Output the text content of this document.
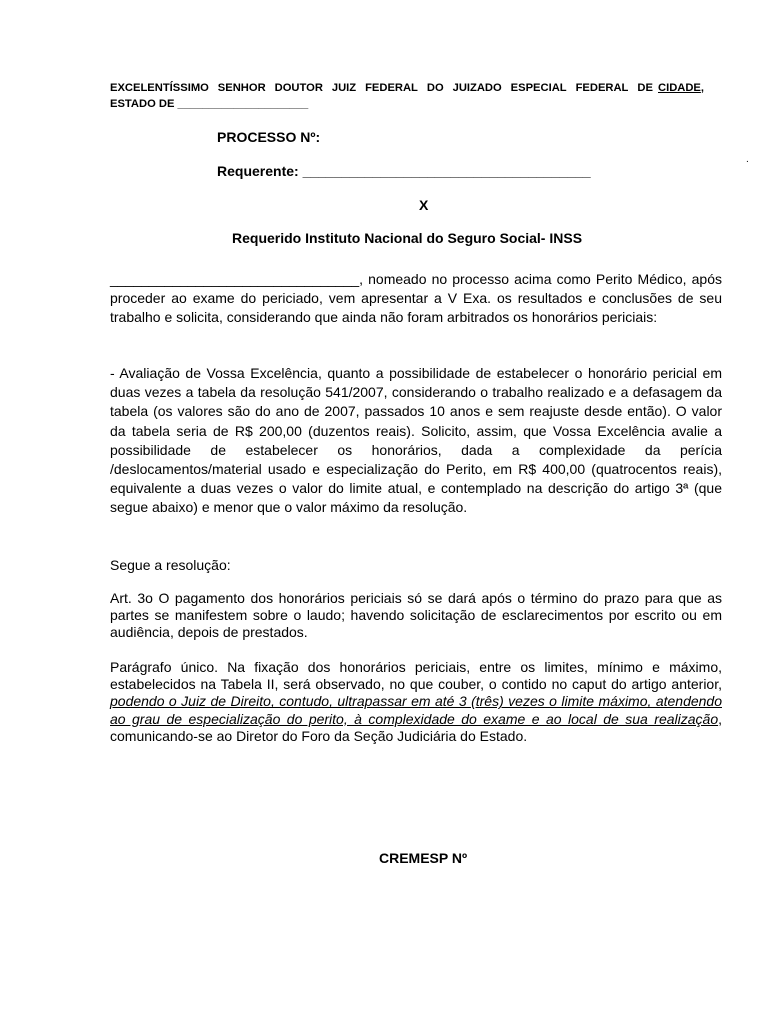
EXCELENTÍSSIMO SENHOR DOUTOR JUIZ FEDERAL DO JUIZADO ESPECIAL FEDERAL DE CIDADE,
ESTADO DE _____________________
.
PROCESSO Nº:
Requerente: _____________________________________
X
Requerido Instituto Nacional do Seguro Social- INSS
________________________________, nomeado no processo acima como Perito Médico, após proceder ao exame do periciado, vem apresentar a V Exa. os resultados e conclusões de seu trabalho e solicita, considerando que ainda não foram arbitrados os honorários periciais:
- Avaliação de Vossa Excelência, quanto a possibilidade de estabelecer o honorário pericial em duas vezes a tabela da resolução 541/2007, considerando o trabalho realizado e a defasagem da tabela (os valores são do ano de 2007, passados 10 anos e sem reajuste desde então). O valor da tabela seria de R$ 200,00 (duzentos reais). Solicito, assim, que Vossa Excelência avalie a possibilidade de estabelecer os honorários, dada a complexidade da perícia /deslocamentos/material usado e especialização do Perito, em R$ 400,00 (quatrocentos reais), equivalente a duas vezes o valor do limite atual, e contemplado na descrição do artigo 3ª (que segue abaixo) e menor que o valor máximo da resolução.
Segue a resolução:
Art. 3o O pagamento dos honorários periciais só se dará após o término do prazo para que as partes se manifestem sobre o laudo; havendo solicitação de esclarecimentos por escrito ou em audiência, depois de prestados.
Parágrafo único. Na fixação dos honorários periciais, entre os limites, mínimo e máximo, estabelecidos na Tabela II, será observado, no que couber, o contido no caput do artigo anterior, podendo o Juiz de Direito, contudo, ultrapassar em até 3 (três) vezes o limite máximo, atendendo ao grau de especialização do perito, à complexidade do exame e ao local de sua realização, comunicando-se ao Diretor do Foro da Seção Judiciária do Estado.
CREMESP Nº
